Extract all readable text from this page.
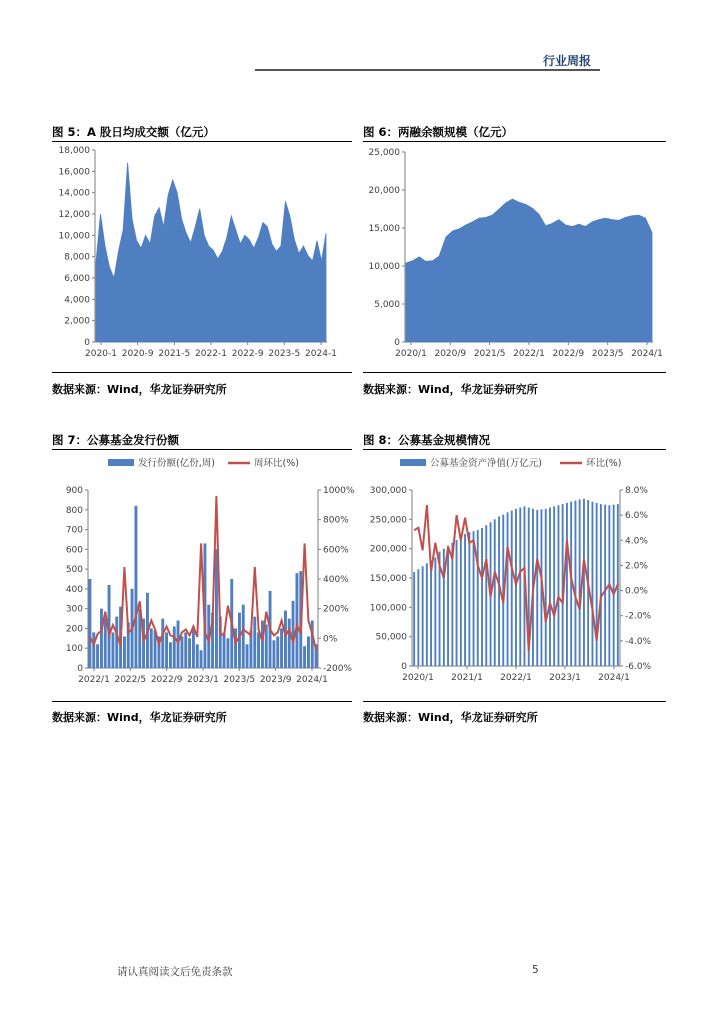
行业周报
图 5：A 股日均成交额（亿元）
0
2,000
4,000
6,000
8,000
10,000
12,000
14,000
16,000
18,000
2020-1 2020-9 2021-5 2022-1 2022-9 2023-5 2024-1
数据来源：Wind，华龙证券研究所
图 6：两融余额规模（亿元）
0
5,000
10,000
15,000
20,000
25,000
2020/1 2020/9 2021/5 2022/1 2022/9 2023/5 2024/1
数据来源：Wind，华龙证券研究所
图 7：公募基金发行份额
0
100
200
300
400
500
600
700
800
900
-200%
0%
200%
400%
600%
800%
1000%
2022/1 2022/5 2022/9 2023/1 2023/5 2023/9 2024/1
发行份额(亿份,周)	周环比(%)
数据来源：Wind，华龙证券研究所
图 8：公募基金规模情况
0
50,000
100,000
150,000
200,000
250,000
300,000
-6.0%
-4.0%
-2.0%
0.0%
2.0%
4.0%
6.0%
8.0%
2020/1 2021/1 2022/1 2023/1 2024/1
公募基金资产净值(万亿元)	环比(%)
数据来源：Wind，华龙证券研究所
请认真阅读文后免责条款	5
